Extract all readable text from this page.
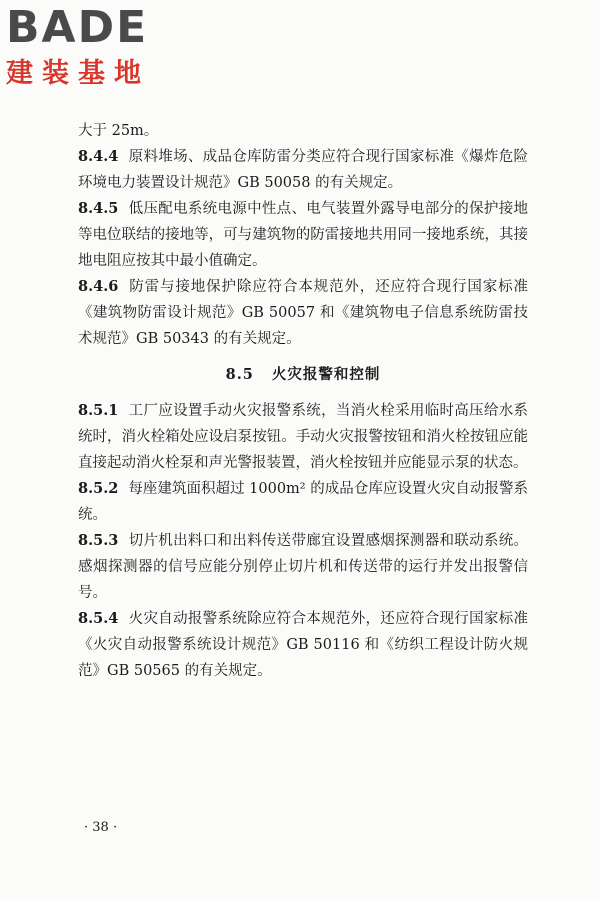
BADE
建装基地

大于 25m。

8.4.4 原料堆场、成品仓库防雷分类应符合现行国家标准《爆炸危险环境电力装置设计规范》GB 50058 的有关规定。

8.4.5 低压配电系统电源中性点、电气装置外露导电部分的保护接地等电位联结的接地等，可与建筑物的防雷接地共用同一接地系统，其接地电阻应按其中最小值确定。

8.4.6 防雷与接地保护除应符合本规范外，还应符合现行国家标准《建筑物防雷设计规范》GB 50057 和《建筑物电子信息系统防雷技术规范》GB 50343 的有关规定。

8.5 火灾报警和控制

8.5.1 工厂应设置手动火灾报警系统，当消火栓采用临时高压给水系统时，消火栓箱处应设启泵按钮。手动火灾报警按钮和消火栓按钮应能直接起动消火栓泵和声光警报装置，消火栓按钮并应能显示泵的状态。

8.5.2 每座建筑面积超过 1000m² 的成品仓库应设置火灾自动报警系统。

8.5.3 切片机出料口和出料传送带廊宜设置感烟探测器和联动系统。感烟探测器的信号应能分别停止切片机和传送带的运行并发出报警信号。

8.5.4 火灾自动报警系统除应符合本规范外，还应符合现行国家标准《火灾自动报警系统设计规范》GB 50116 和《纺织工程设计防火规范》GB 50565 的有关规定。

· 38 ·
